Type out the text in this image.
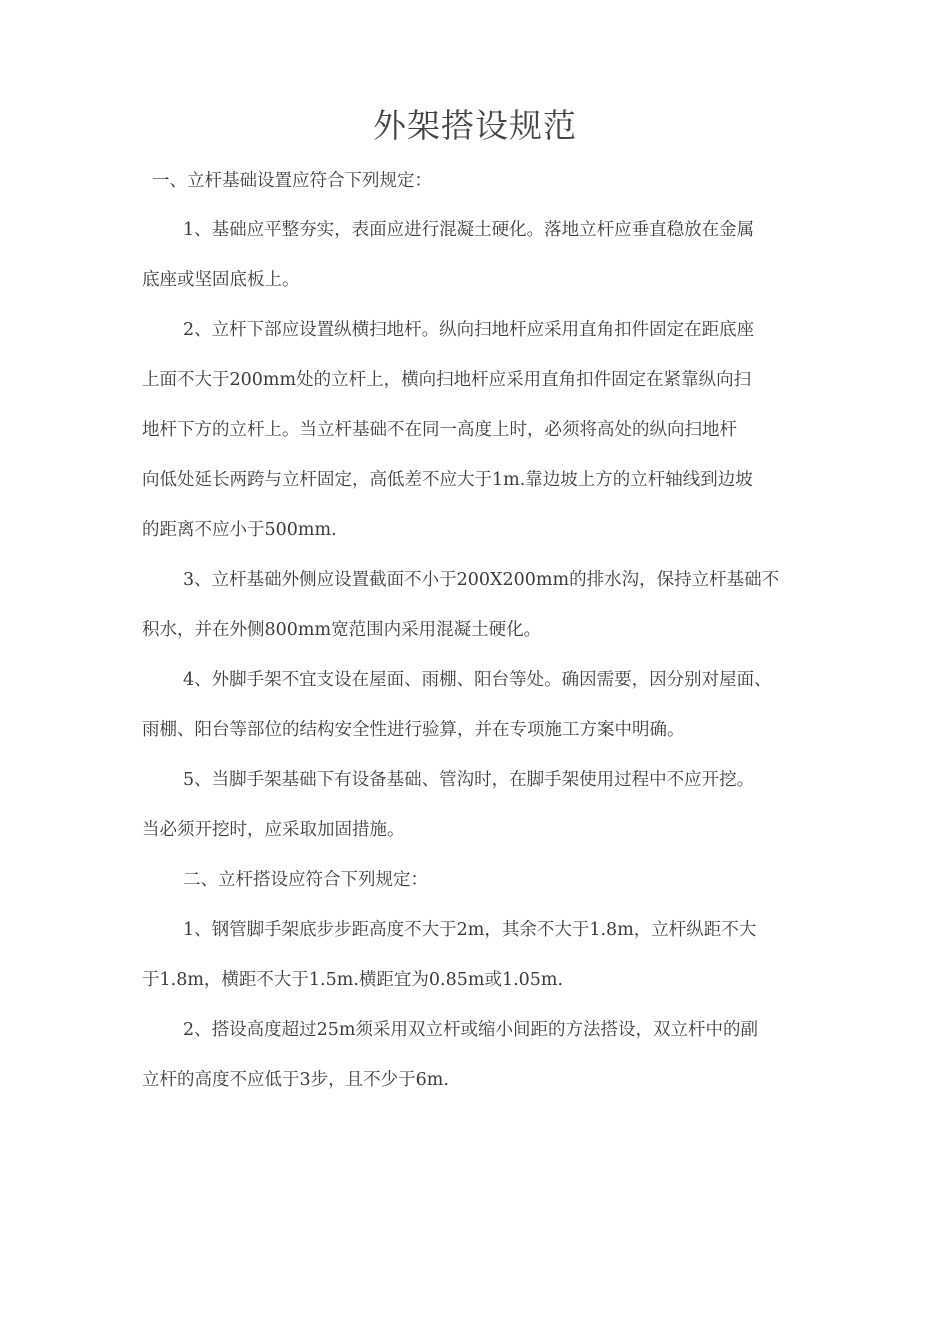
外架搭设规范

一、立杆基础设置应符合下列规定：

1、基础应平整夯实，表面应进行混凝土硬化。落地立杆应垂直稳放在金属

底座或坚固底板上。

2、立杆下部应设置纵横扫地杆。纵向扫地杆应采用直角扣件固定在距底座

上面不大于200mm处的立杆上，横向扫地杆应采用直角扣件固定在紧靠纵向扫

地杆下方的立杆上。当立杆基础不在同一高度上时，必须将高处的纵向扫地杆

向低处延长两跨与立杆固定，高低差不应大于1m.靠边坡上方的立杆轴线到边坡

的距离不应小于500mm.

3、立杆基础外侧应设置截面不小于200X200mm的排水沟，保持立杆基础不

积水，并在外侧800mm宽范围内采用混凝土硬化。

4、外脚手架不宜支设在屋面、雨棚、阳台等处。确因需要，因分别对屋面、

雨棚、阳台等部位的结构安全性进行验算，并在专项施工方案中明确。

5、当脚手架基础下有设备基础、管沟时，在脚手架使用过程中不应开挖。

当必须开挖时，应采取加固措施。

二、立杆搭设应符合下列规定：

1、钢管脚手架底步步距高度不大于2m，其余不大于1.8m，立杆纵距不大

于1.8m，横距不大于1.5m.横距宜为0.85m或1.05m.

2、搭设高度超过25m须采用双立杆或缩小间距的方法搭设，双立杆中的副

立杆的高度不应低于3步，且不少于6m.
